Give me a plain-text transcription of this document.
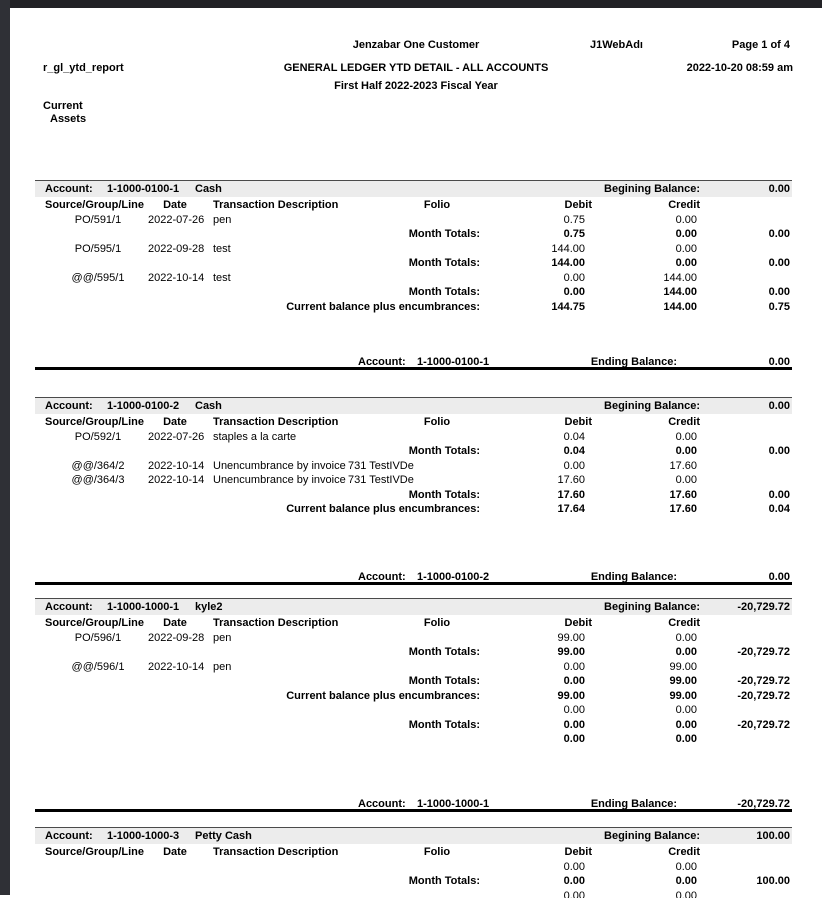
Jenzabar One Customer	J1WebAdı	Page 1 of 4
r_gl_ytd_report	GENERAL LEDGER YTD DETAIL - ALL ACCOUNTS	2022-10-20 08:59 am
First Half 2022-2023 Fiscal Year
Current
Assets
Account: 1-1000-0100-1 Cash	Begining Balance:	0.00
Source/Group/Line	Date	Transaction Description	Folio	Debit	Credit
PO/591/1	2022-07-26 pen	0.75	0.00
Month Totals:	0.75	0.00	0.00
PO/595/1	2022-09-28 test	144.00	0.00
Month Totals:	144.00	0.00	0.00
@@/595/1	2022-10-14 test	0.00	144.00
Month Totals:	0.00	144.00	0.00
Current balance plus encumbrances:	144.75	144.00	0.75
Account: 1-1000-0100-1	Ending Balance:	0.00
Account: 1-1000-0100-2 Cash	Begining Balance:	0.00
Source/Group/Line	Date	Transaction Description	Folio	Debit	Credit
PO/592/1	2022-07-26 staples a la carte	0.04	0.00
Month Totals:	0.04	0.00	0.00
@@/364/2	2022-10-14 Unencumbrance by invoice 731 TestIVDe	0.00	17.60
@@/364/3	2022-10-14 Unencumbrance by invoice 731 TestIVDe	17.60	0.00
Month Totals:	17.60	17.60	0.00
Current balance plus encumbrances:	17.64	17.60	0.04
Account: 1-1000-0100-2	Ending Balance:	0.00
Account: 1-1000-1000-1 kyle2	Begining Balance:	-20,729.72
Source/Group/Line	Date	Transaction Description	Folio	Debit	Credit
PO/596/1	2022-09-28 pen	99.00	0.00
Month Totals:	99.00	0.00	-20,729.72
@@/596/1	2022-10-14 pen	0.00	99.00
Month Totals:	0.00	99.00	-20,729.72
Current balance plus encumbrances:	99.00	99.00	-20,729.72
0.00	0.00
Month Totals:	0.00	0.00	-20,729.72
0.00	0.00
Account: 1-1000-1000-1	Ending Balance:	-20,729.72
Account: 1-1000-1000-3 Petty Cash	Begining Balance:	100.00
Source/Group/Line	Date	Transaction Description	Folio	Debit	Credit
0.00	0.00
Month Totals:	0.00	0.00	100.00
0.00	0.00
